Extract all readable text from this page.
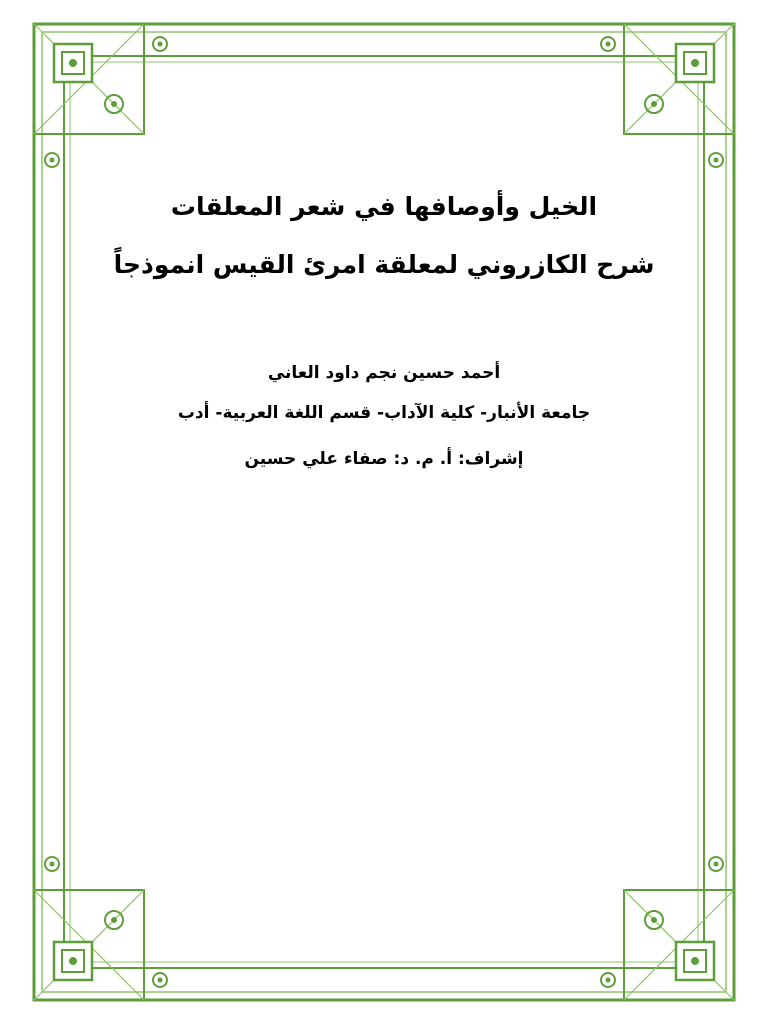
الخيل وأوصافها في شعر المعلقات
شرح الكازروني لمعلقة امرئ القيس انموذجاً
أحمد حسين نجم داود العاني
جامعة الأنبار- كلية الآداب- قسم اللغة العربية- أدب
إشراف: أ. م. د: صفاء علي حسين
